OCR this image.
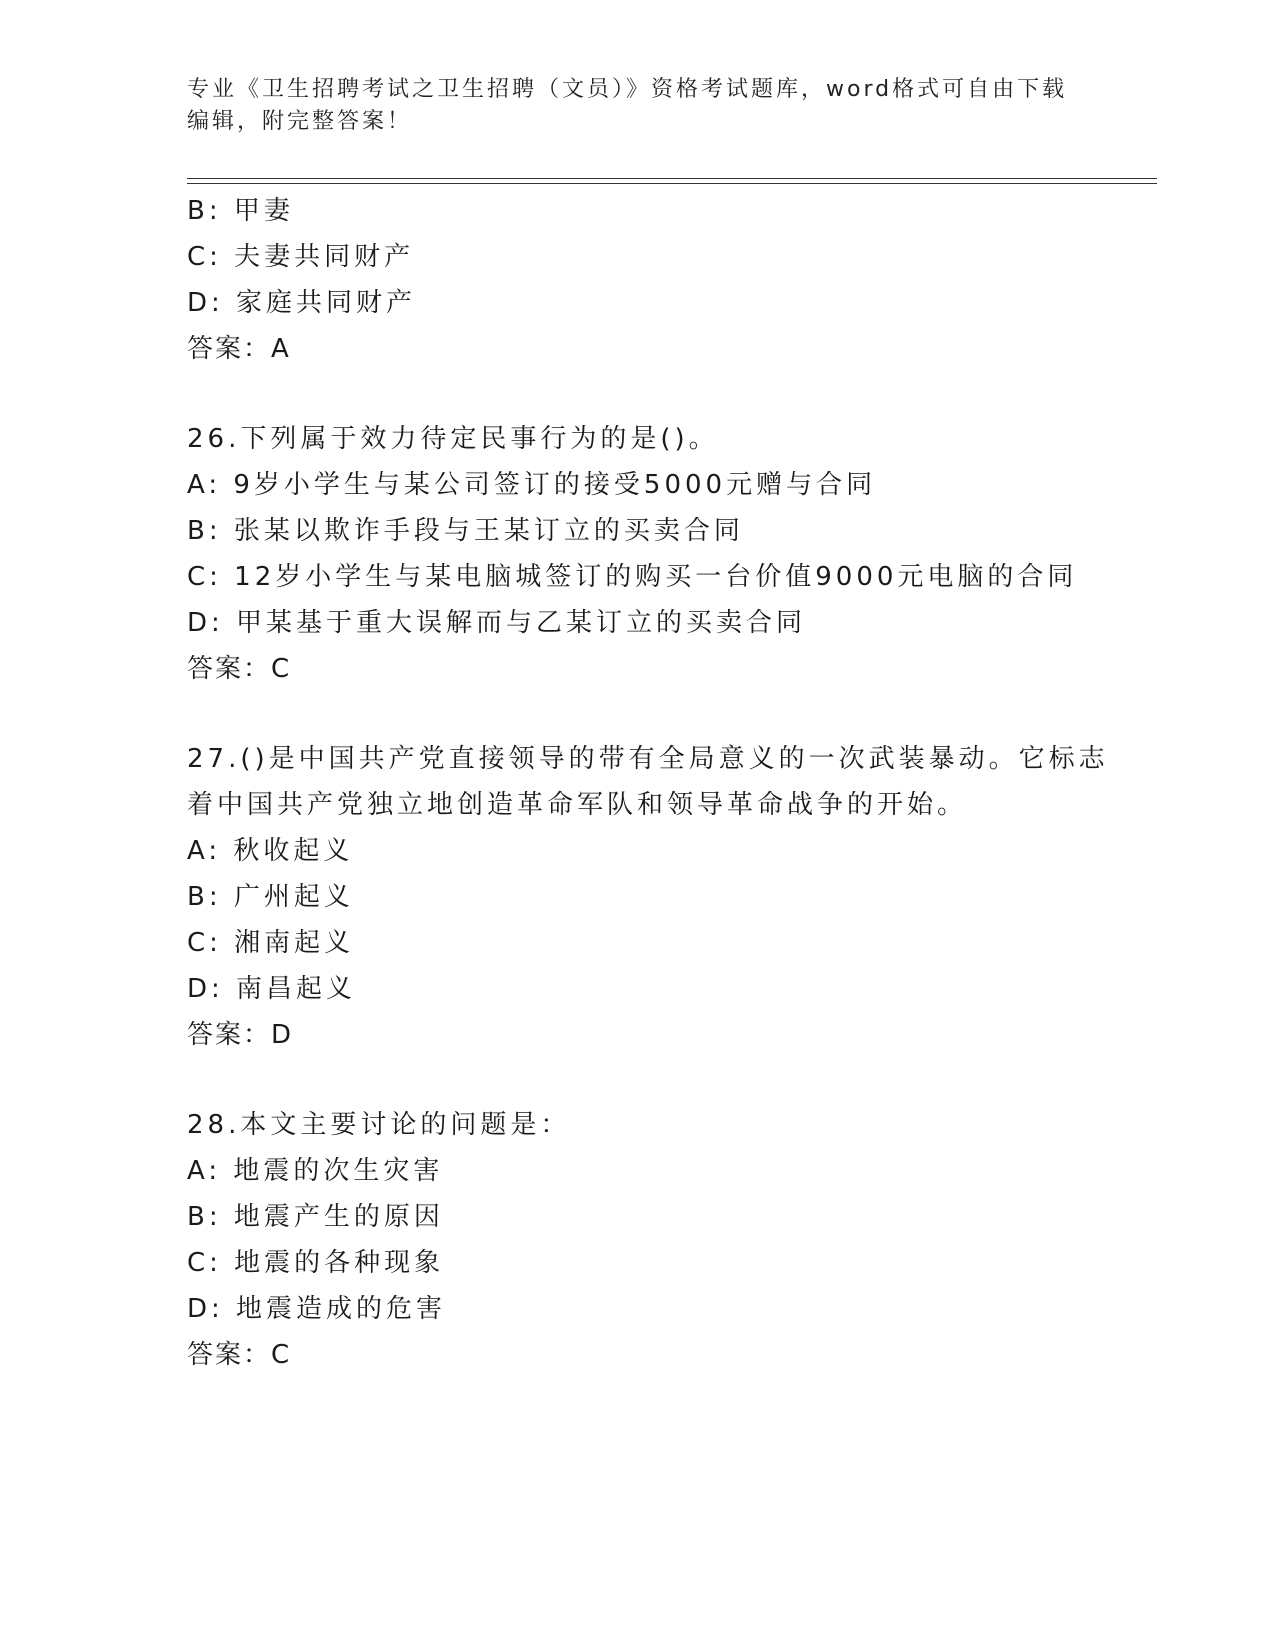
专业《卫生招聘考试之卫生招聘（文员）》资格考试题库，word格式可自由下载
编辑，附完整答案！
B: 甲妻
C: 夫妻共同财产
D: 家庭共同财产
答案：A
26.下列属于效力待定民事行为的是()。
A: 9岁小学生与某公司签订的接受5000元赠与合同
B: 张某以欺诈手段与王某订立的买卖合同
C: 12岁小学生与某电脑城签订的购买一台价值9000元电脑的合同
D: 甲某基于重大误解而与乙某订立的买卖合同
答案：C
27.()是中国共产党直接领导的带有全局意义的一次武装暴动。它标志
着中国共产党独立地创造革命军队和领导革命战争的开始。
A: 秋收起义
B: 广州起义
C: 湘南起义
D: 南昌起义
答案：D
28.本文主要讨论的问题是：
A: 地震的次生灾害
B: 地震产生的原因
C: 地震的各种现象
D: 地震造成的危害
答案：C
